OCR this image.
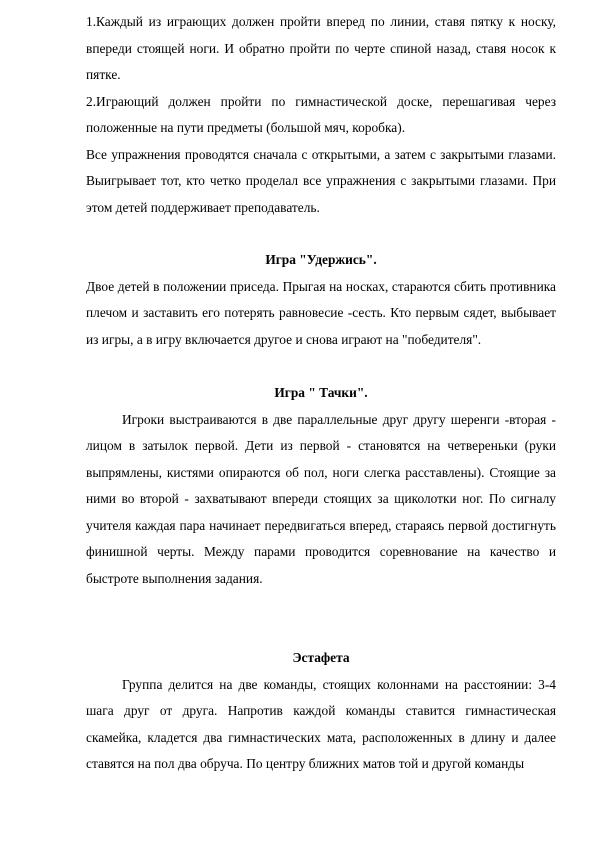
1.Каждый из играющих должен пройти вперед по линии, ставя пятку к носку, впереди стоящей ноги. И обратно пройти по черте спиной назад, ставя носок к пятке.

2.Играющий должен пройти по гимнастической доске, перешагивая через положенные на пути предметы (большой мяч, коробка).

Все упражнения проводятся сначала с открытыми, а затем с закрытыми глазами. Выигрывает тот, кто четко проделал все упражнения с закрытыми глазами. При этом детей поддерживает преподаватель.

Игра "Удержись".

Двое детей в положении приседа. Прыгая на носках, стараются сбить противника плечом и заставить его потерять равновесие -сесть. Кто первым сядет, выбывает из игры, а в игру включается другое и снова играют на "победителя".

Игра " Тачки".

Игроки выстраиваются в две параллельные друг другу шеренги -вторая - лицом в затылок первой. Дети из первой - становятся на четвереньки (руки выпрямлены, кистями опираются об пол, ноги слегка расставлены). Стоящие за ними во второй - захватывают впереди стоящих за щиколотки ног. По сигналу учителя каждая пара начинает передвигаться вперед, стараясь первой достигнуть финишной черты. Между парами проводится соревнование на качество и быстроте выполнения задания.

Эстафета

Группа делится на две команды, стоящих колоннами на расстоянии: 3-4 шага друг от друга. Напротив каждой команды ставится гимнастическая скамейка, кладется два гимнастических мата, расположенных в длину и далее ставятся на пол два обруча. По центру ближних матов той и другой команды
